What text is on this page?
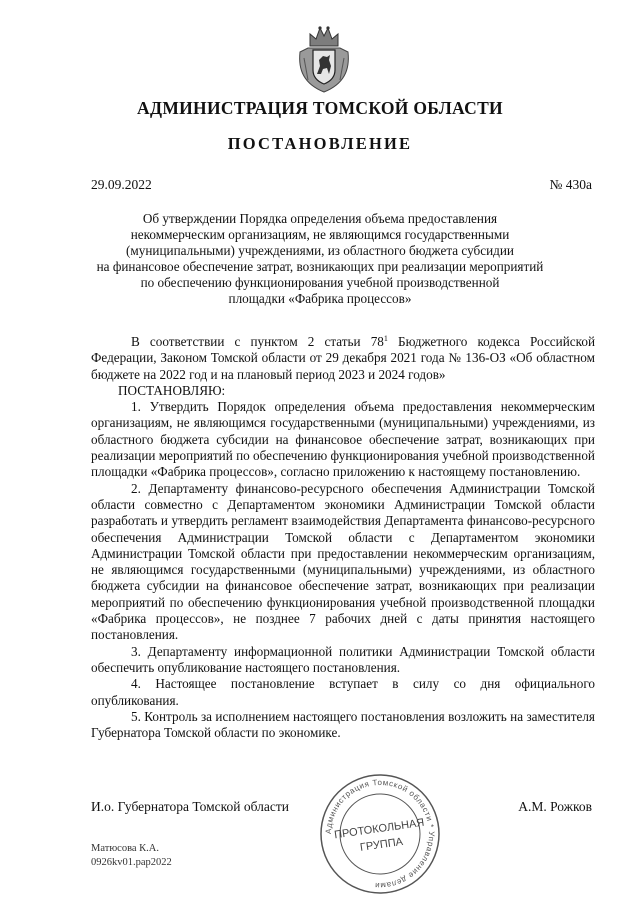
АДМИНИСТРАЦИЯ ТОМСКОЙ ОБЛАСТИ
ПОСТАНОВЛЕНИЕ
29.09.2022	№ 430а
Об утверждении Порядка определения объема предоставления
некоммерческим организациям, не являющимся государственными
(муниципальными) учреждениями, из областного бюджета субсидии
на финансовое обеспечение затрат, возникающих при реализации мероприятий
по обеспечению функционирования учебной производственной
площадки «Фабрика процессов»

В соответствии с пунктом 2 статьи $78^1$ Бюджетного кодекса Российской Федерации, Законом Томской области от 29 декабря 2021 года № 136-ОЗ «Об областном бюджете на 2022 год и на плановый период 2023 и 2024 годов»

ПОСТАНОВЛЯЮ:

1. Утвердить Порядок определения объема предоставления некоммерческим организациям, не являющимся государственными (муниципальными) учреждениями, из областного бюджета субсидии на финансовое обеспечение затрат, возникающих при реализации мероприятий по обеспечению функционирования учебной производственной площадки «Фабрика процессов», согласно приложению к настоящему постановлению.

2. Департаменту финансово-ресурсного обеспечения Администрации Томской области совместно с Департаментом экономики Администрации Томской области разработать и утвердить регламент взаимодействия Департамента финансово-ресурсного обеспечения Администрации Томской области с Департаментом экономики Администрации Томской области при предоставлении некоммерческим организациям, не являющимся государственными (муниципальными) учреждениями, из областного бюджета субсидии на финансовое обеспечение затрат, возникающих при реализации мероприятий по обеспечению функционирования учебной производственной площадки «Фабрика процессов», не позднее 7 рабочих дней с даты принятия настоящего постановления.

3. Департаменту информационной политики Администрации Томской области обеспечить опубликование настоящего постановления.

4. Настоящее постановление вступает в силу со дня официального опубликования.

5. Контроль за исполнением настоящего постановления возложить на заместителя Губернатора Томской области по экономике.

И.о. Губернатора Томской области	А.М. Рожков
Администрация Томской области * Управление делами
ПРОТОКОЛЬНАЯ
ГРУППА
Матюсова К.А.
0926kv01.рар2022
